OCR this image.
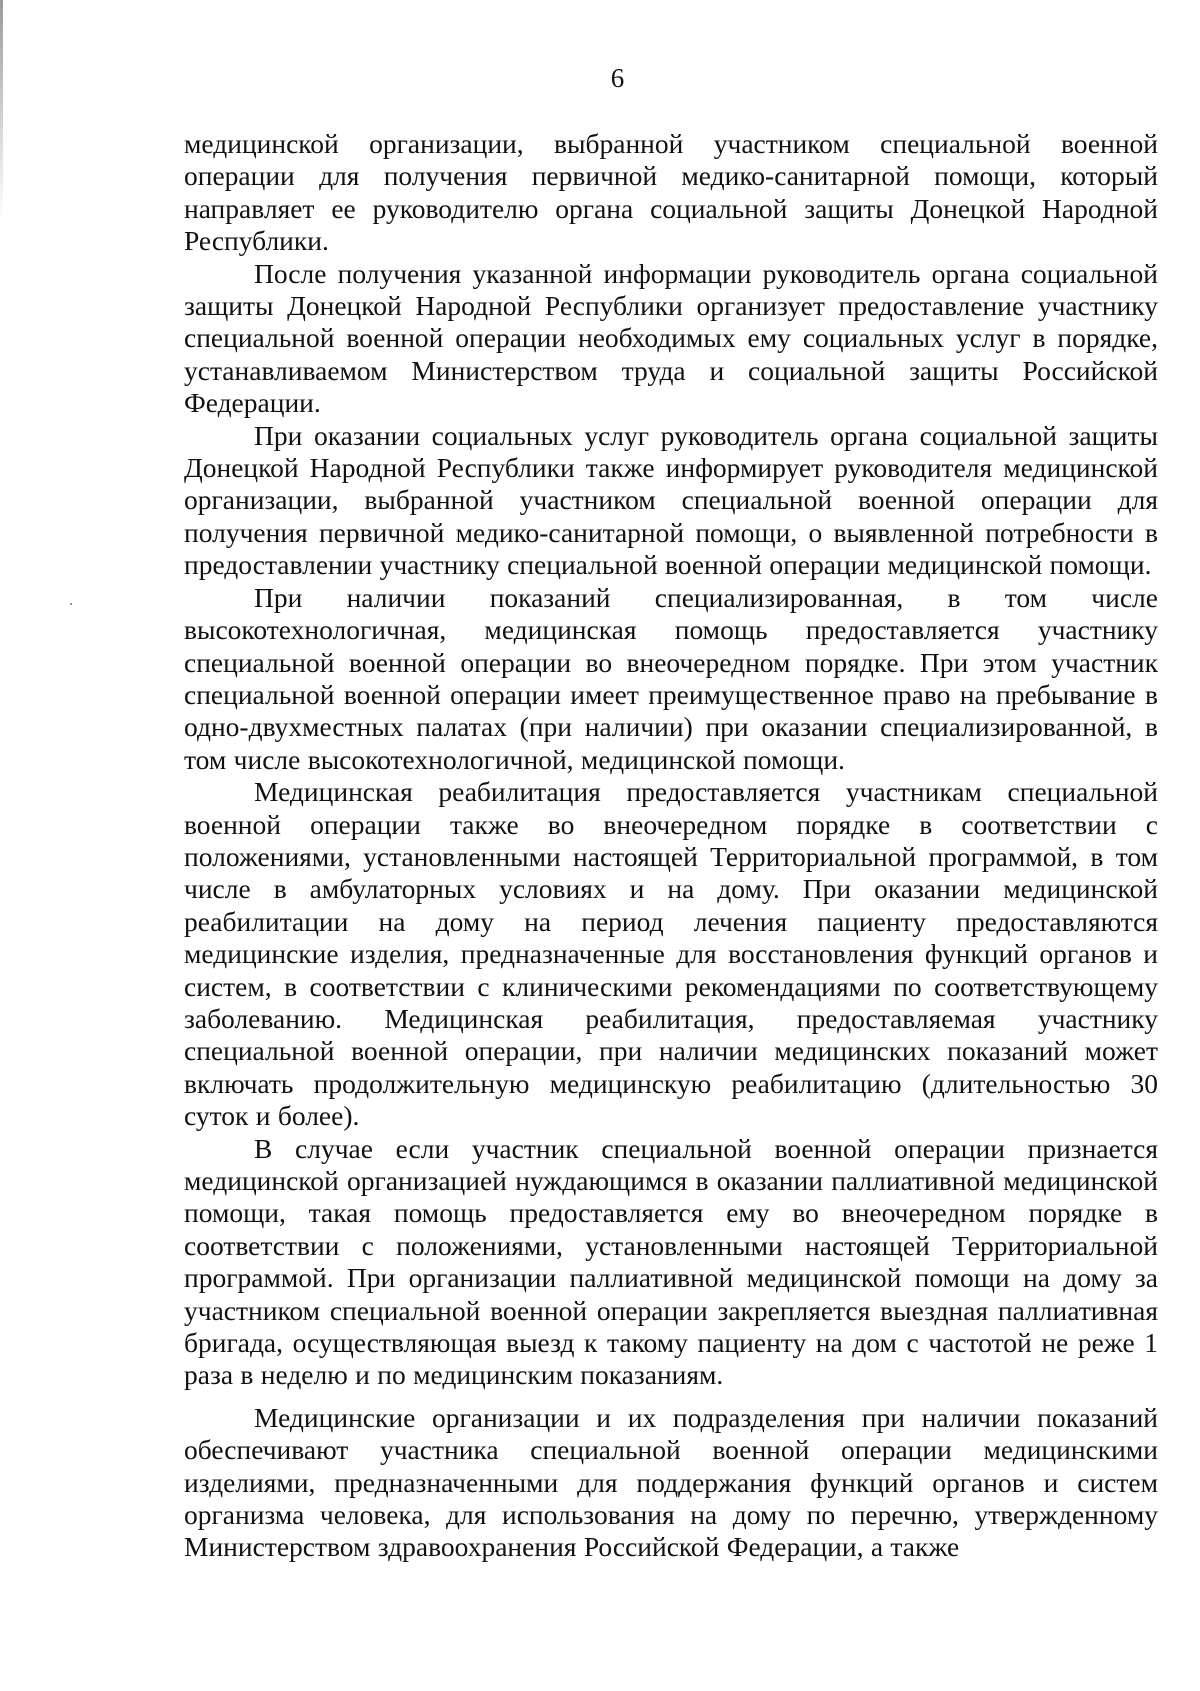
6

медицинской организации, выбранной участником специальной военной операции для получения первичной медико-санитарной помощи, который направляет ее руководителю органа социальной защиты Донецкой Народной Республики.

После получения указанной информации руководитель органа социальной защиты Донецкой Народной Республики организует предоставление участнику специальной военной операции необходимых ему социальных услуг в порядке, устанавливаемом Министерством труда и социальной защиты Российской Федерации.

При оказании социальных услуг руководитель органа социальной защиты Донецкой Народной Республики также информирует руководителя медицинской организации, выбранной участником специальной военной операции для получения первичной медико-санитарной помощи, о выявленной потребности в предоставлении участнику специальной военной операции медицинской помощи.

При наличии показаний специализированная, в том числе высокотехнологичная, медицинская помощь предоставляется участнику специальной военной операции во внеочередном порядке. При этом участник специальной военной операции имеет преимущественное право на пребывание в одно-двухместных палатах (при наличии) при оказании специализированной, в том числе высокотехнологичной, медицинской помощи.

Медицинская реабилитация предоставляется участникам специальной военной операции также во внеочередном порядке в соответствии с положениями, установленными настоящей Территориальной программой, в том числе в амбулаторных условиях и на дому. При оказании медицинской реабилитации на дому на период лечения пациенту предоставляются медицинские изделия, предназначенные для восстановления функций органов и систем, в соответствии с клиническими рекомендациями по соответствующему заболеванию. Медицинская реабилитация, предоставляемая участнику специальной военной операции, при наличии медицинских показаний может включать продолжительную медицинскую реабилитацию (длительностью 30 суток и более).

В случае если участник специальной военной операции признается медицинской организацией нуждающимся в оказании паллиативной медицинской помощи, такая помощь предоставляется ему во внеочередном порядке в соответствии с положениями, установленными настоящей Территориальной программой. При организации паллиативной медицинской помощи на дому за участником специальной военной операции закрепляется выездная паллиативная бригада, осуществляющая выезд к такому пациенту на дом с частотой не реже 1 раза в неделю и по медицинским показаниям.

Медицинские организации и их подразделения при наличии показаний обеспечивают участника специальной военной операции медицинскими изделиями, предназначенными для поддержания функций органов и систем организма человека, для использования на дому по перечню, утвержденному Министерством здравоохранения Российской Федерации, а также
